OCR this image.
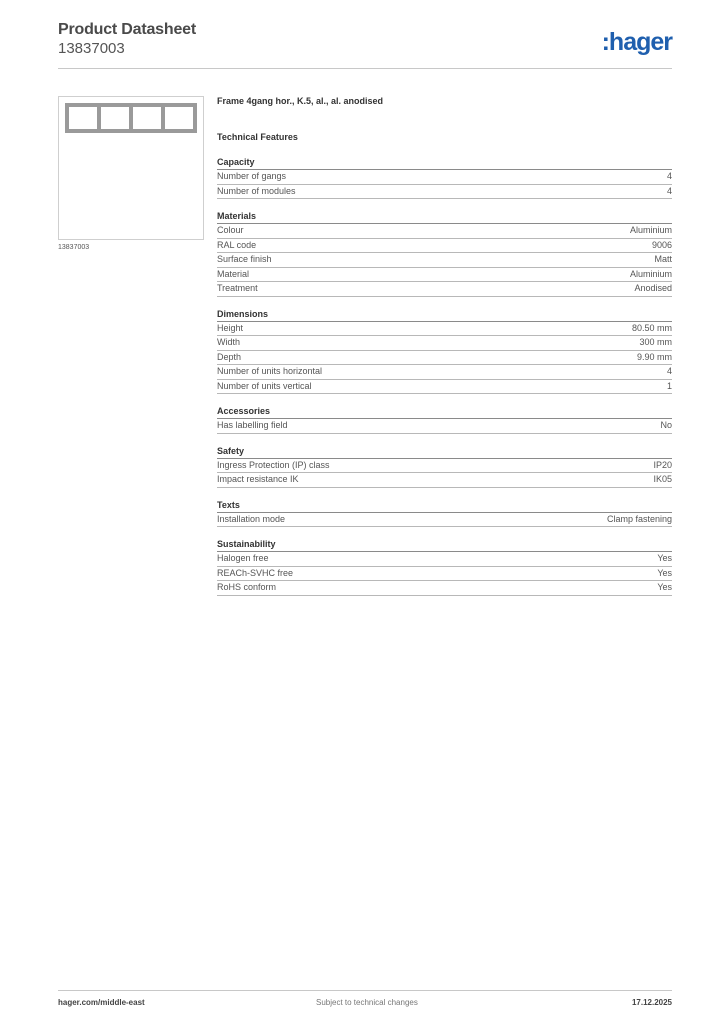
Product Datasheet
13837003	:hager
13837003
Frame 4gang hor., K.5, al., al. anodised
Technical Features
Capacity
Number of gangs	4
Number of modules	4
Materials
Colour	Aluminium
RAL code	9006
Surface finish	Matt
Material	Aluminium
Treatment	Anodised
Dimensions
Height	80.50 mm
Width	300 mm
Depth	9.90 mm
Number of units horizontal	4
Number of units vertical	1
Accessories
Has labelling field	No
Safety
Ingress Protection (IP) class	IP20
Impact resistance IK	IK05
Texts
Installation mode	Clamp fastening
Sustainability
Halogen free	Yes
REACh-SVHC free	Yes
RoHS conform	Yes
hager.com/middle-east	Subject to technical changes	17.12.2025
